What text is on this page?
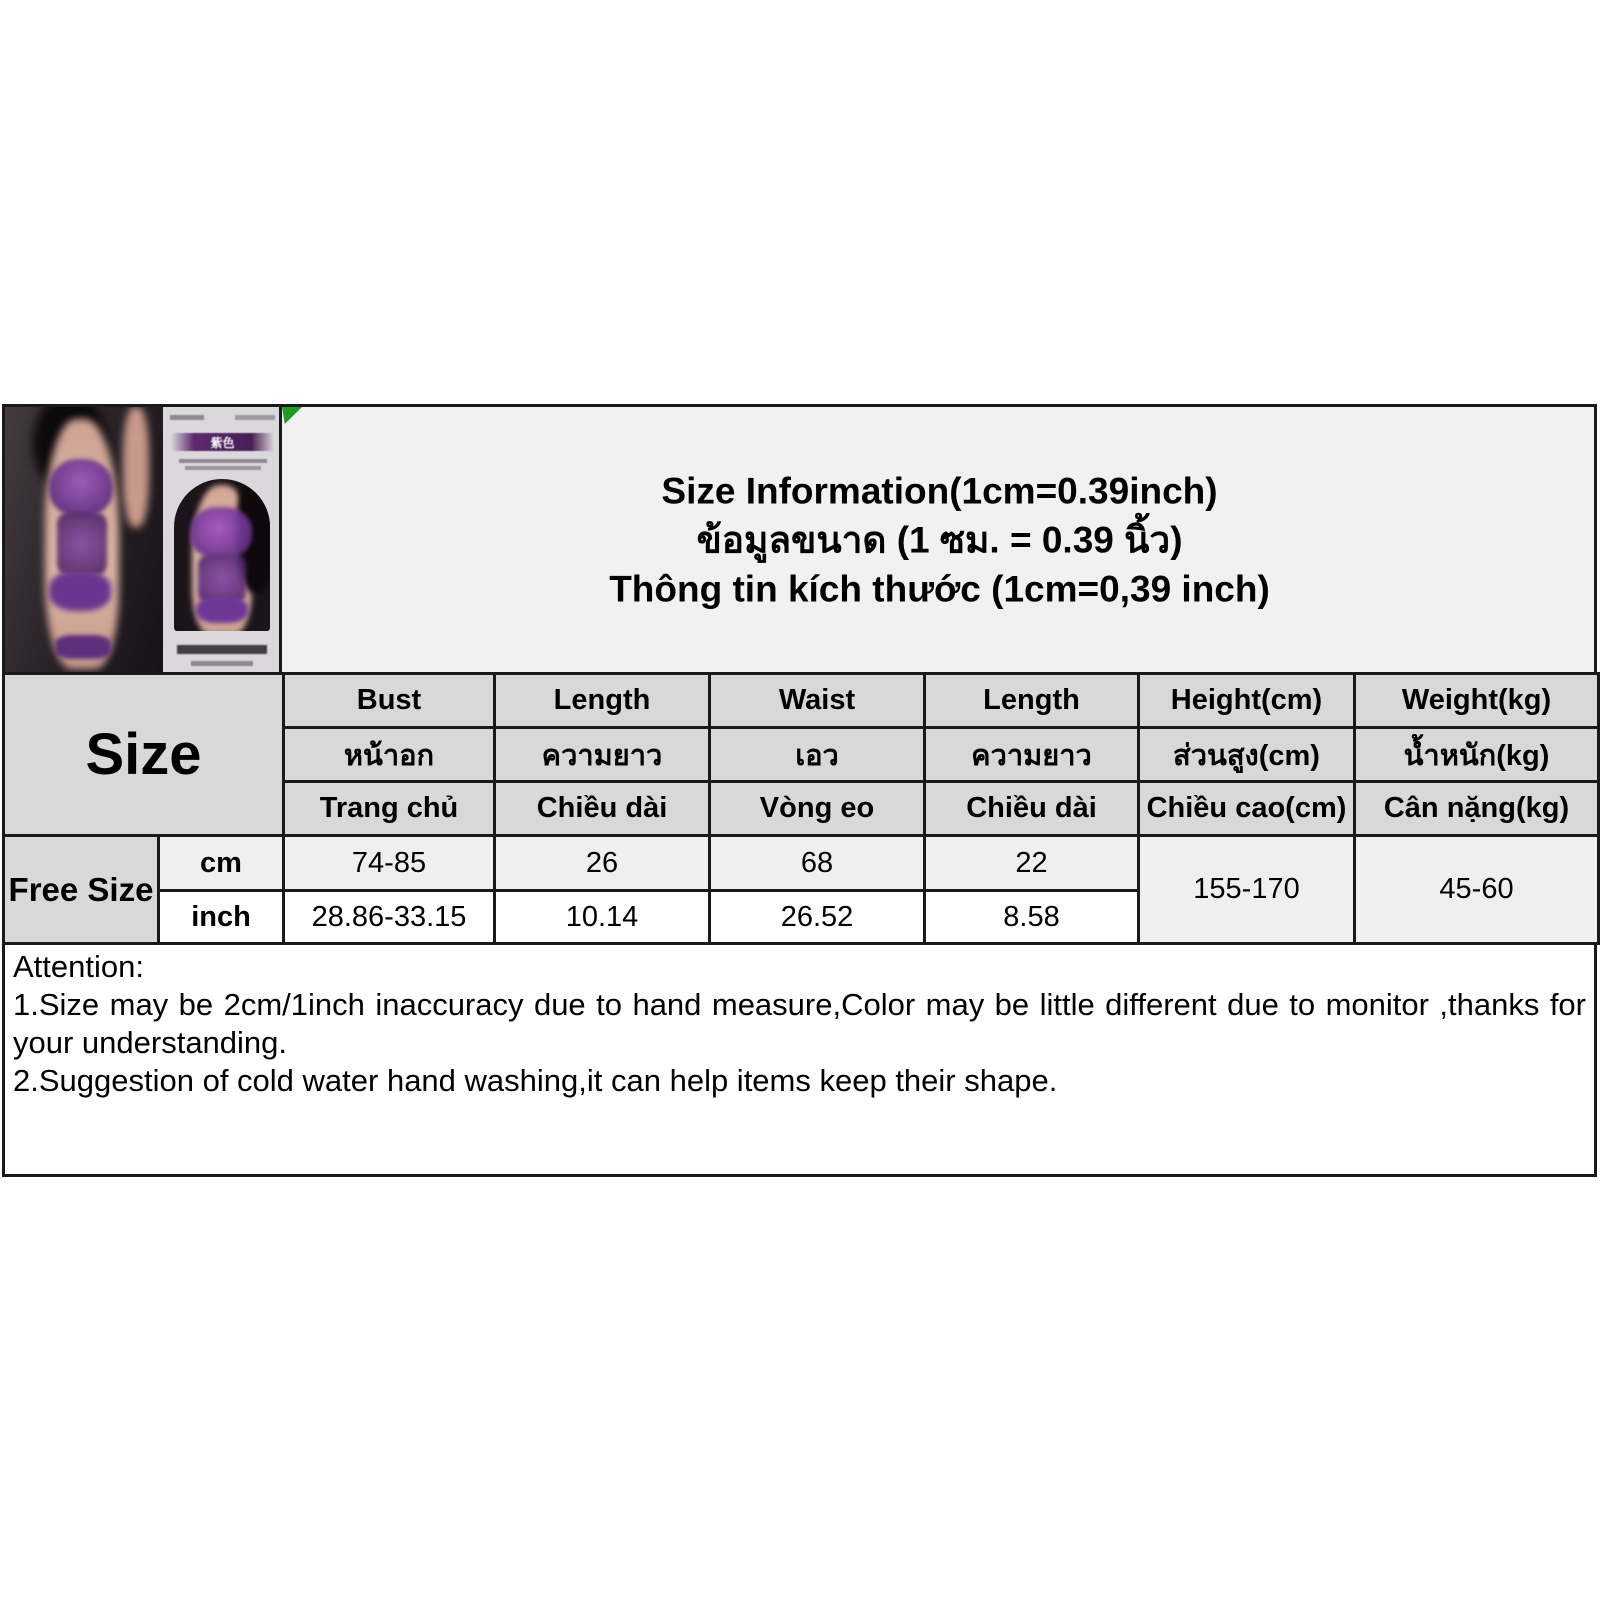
紫色
Size Information(1cm=0.39inch)
ข้อมูลขนาด (1 ซม. = 0.39 นิ้ว)
Thông tin kích thước (1cm=0,39 inch)
Size		Bust	Length	Waist	Length	Height(cm)	Weight(kg)
		หน้าอก	ความยาว	เอว	ความยาว	ส่วนสูง(cm)	น้ำหนัก(kg)
		Trang chủ	Chiều dài	Vòng eo	Chiều dài	Chiều cao(cm)	Cân nặng(kg)
Free Size	cm	74-85	26	68	22	155-170	45-60
	inch	28.86-33.15	10.14	26.52	8.58		

Attention:

1.Size may be 2cm/1inch inaccuracy due to hand measure,Color may be little different due to monitor ,thanks for your understanding.

2.Suggestion of cold water hand washing,it can help items keep their shape.
